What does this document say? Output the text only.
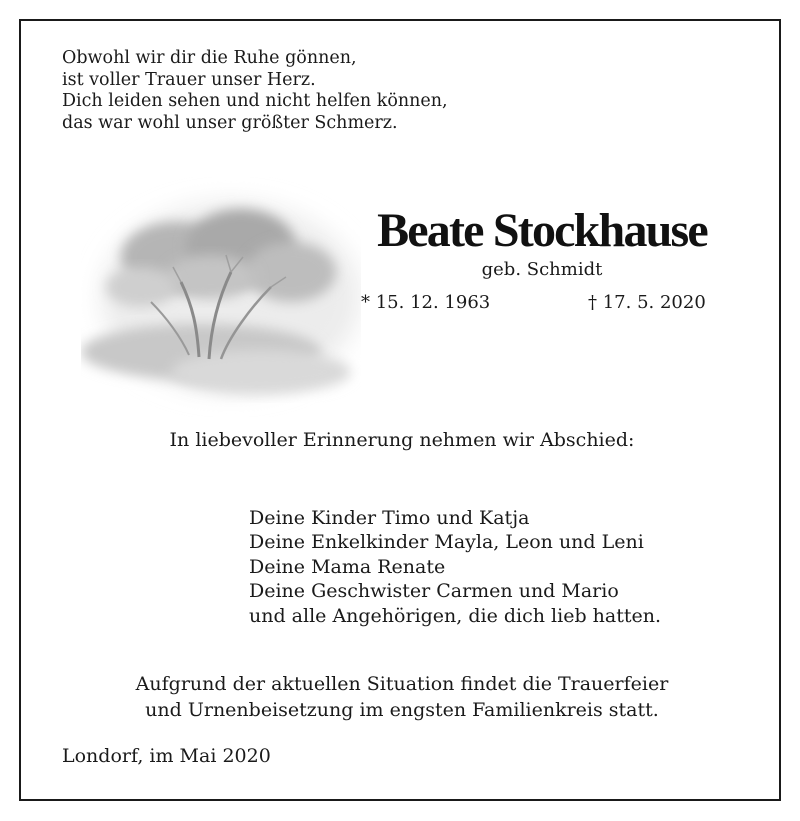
Obwohl wir dir die Ruhe gönnen,
ist voller Trauer unser Herz.
Dich leiden sehen und nicht helfen können,
das war wohl unser größter Schmerz.
Beate Stockhause
geb. Schmidt
* 15. 12. 1963	† 17. 5. 2020
In liebevoller Erinnerung nehmen wir Abschied:
Deine Kinder Timo und Katja
Deine Enkelkinder Mayla, Leon und Leni
Deine Mama Renate
Deine Geschwister Carmen und Mario
und alle Angehörigen, die dich lieb hatten.
Aufgrund der aktuellen Situation findet die Trauerfeier
und Urnenbeisetzung im engsten Familienkreis statt.
Londorf, im Mai 2020
